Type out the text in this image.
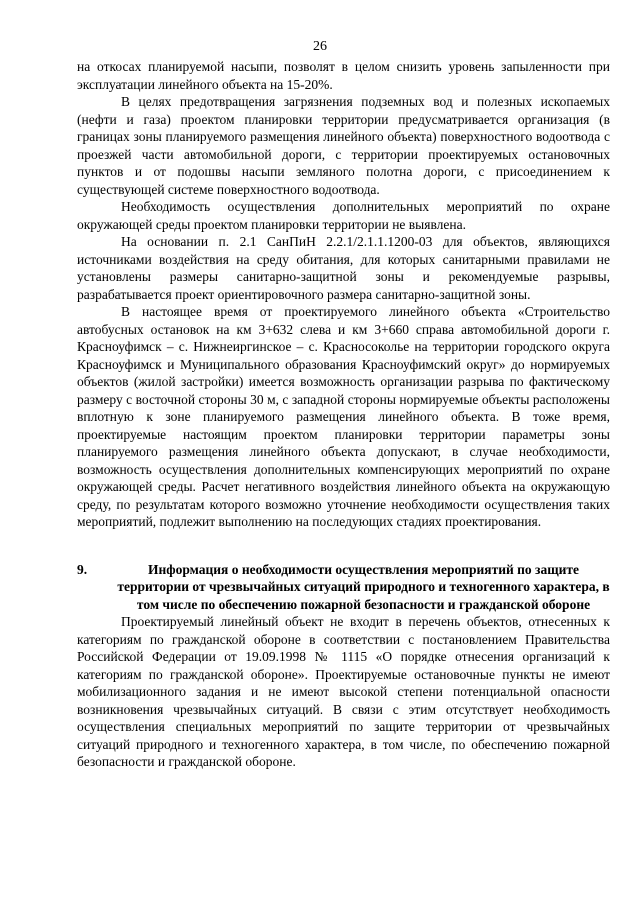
26

на откосах планируемой насыпи, позволят в целом снизить уровень запыленности при эксплуатации линейного объекта на 15-20%.

В целях предотвращения загрязнения подземных вод и полезных ископаемых (нефти и газа) проектом планировки территории предусматривается организация (в границах зоны планируемого размещения линейного объекта) поверхностного водоотвода с проезжей части автомобильной дороги, с территории проектируемых остановочных пунктов и от подошвы насыпи земляного полотна дороги, с присоединением к существующей системе поверхностного водоотвода.

Необходимость осуществления дополнительных мероприятий по охране окружающей среды проектом планировки территории не выявлена.

На основании п. 2.1 СанПиН 2.2.1/2.1.1.1200-03 для объектов, являющихся источниками воздействия на среду обитания, для которых санитарными правилами не установлены размеры санитарно-защитной зоны и рекомендуемые разрывы, разрабатывается проект ориентировочного размера санитарно-защитной зоны.

В настоящее время от проектируемого линейного объекта «Строительство автобусных остановок на км 3+632 слева и км 3+660 справа автомобильной дороги г. Красноуфимск – с. Нижнеиргинское – с. Красносоколье на территории городского округа Красноуфимск и Муниципального образования Красноуфимский округ» до нормируемых объектов (жилой застройки) имеется возможность организации разрыва по фактическому размеру с восточной стороны 30 м, с западной стороны нормируемые объекты расположены вплотную к зоне планируемого размещения линейного объекта. В тоже время, проектируемые настоящим проектом планировки территории параметры зоны планируемого размещения линейного объекта допускают, в случае необходимости, возможность осуществления дополнительных компенсирующих мероприятий по охране окружающей среды. Расчет негативного воздействия линейного объекта на окружающую среду, по результатам которого возможно уточнение необходимости осуществления таких мероприятий, подлежит выполнению на последующих стадиях проектирования.

9.	Информация о необходимости осуществления мероприятий по защите территории от чрезвычайных ситуаций природного и техногенного характера, в том числе по обеспечению пожарной безопасности и гражданской обороне

Проектируемый линейный объект не входит в перечень объектов, отнесенных к категориям по гражданской обороне в соответствии с постановлением Правительства Российской Федерации от 19.09.1998 № 1115 «О порядке отнесения организаций к категориям по гражданской обороне». Проектируемые остановочные пункты не имеют мобилизационного задания и не имеют высокой степени потенциальной опасности возникновения чрезвычайных ситуаций. В связи с этим отсутствует необходимость осуществления специальных мероприятий по защите территории от чрезвычайных ситуаций природного и техногенного характера, в том числе, по обеспечению пожарной безопасности и гражданской обороне.
